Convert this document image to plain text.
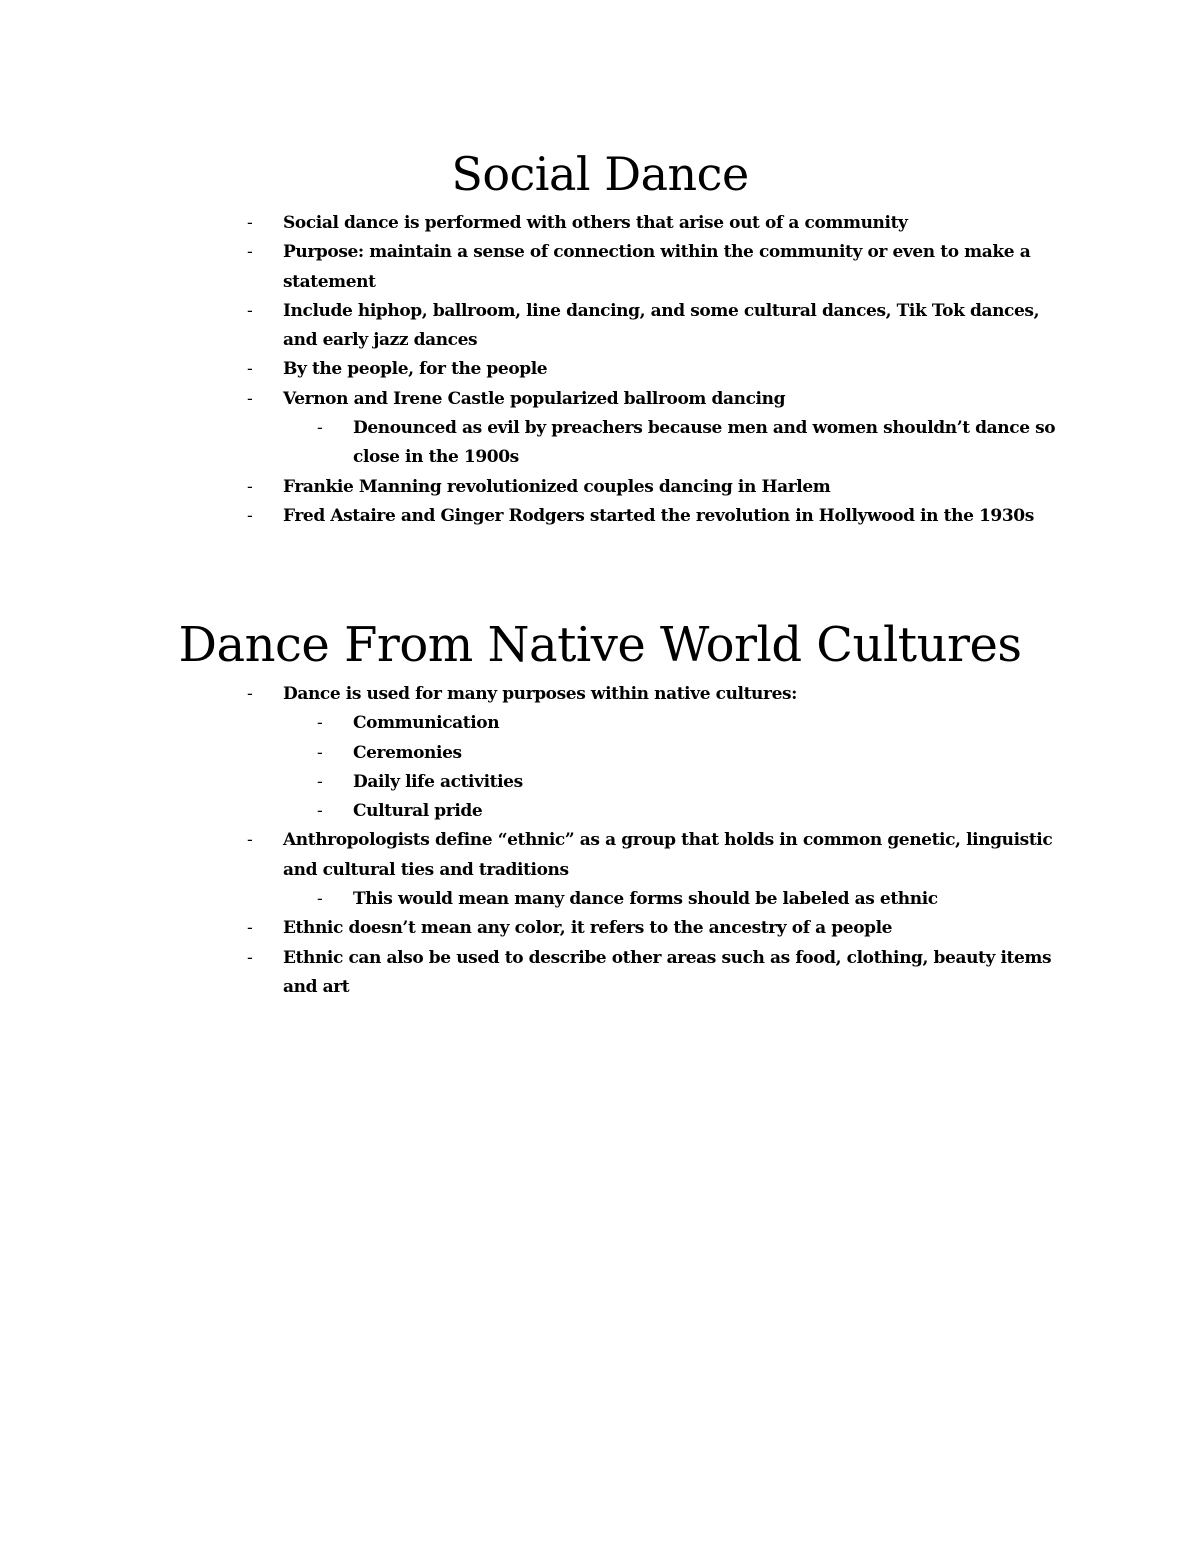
Social Dance
- Social dance is performed with others that arise out of a community
- Purpose: maintain a sense of connection within the community or even to make a statement
- Include hiphop, ballroom, line dancing, and some cultural dances, Tik Tok dances, and early jazz dances
- By the people, for the people
- Vernon and Irene Castle popularized ballroom dancing
- Denounced as evil by preachers because men and women shouldn’t dance so close in the 1900s
- Frankie Manning revolutionized couples dancing in Harlem
- Fred Astaire and Ginger Rodgers started the revolution in Hollywood in the 1930s
Dance From Native World Cultures
- Dance is used for many purposes within native cultures:
- Communication
- Ceremonies
- Daily life activities
- Cultural pride
- Anthropologists define “ethnic” as a group that holds in common genetic, linguistic and cultural ties and traditions
- This would mean many dance forms should be labeled as ethnic
- Ethnic doesn’t mean any color, it refers to the ancestry of a people
- Ethnic can also be used to describe other areas such as food, clothing, beauty items and art
